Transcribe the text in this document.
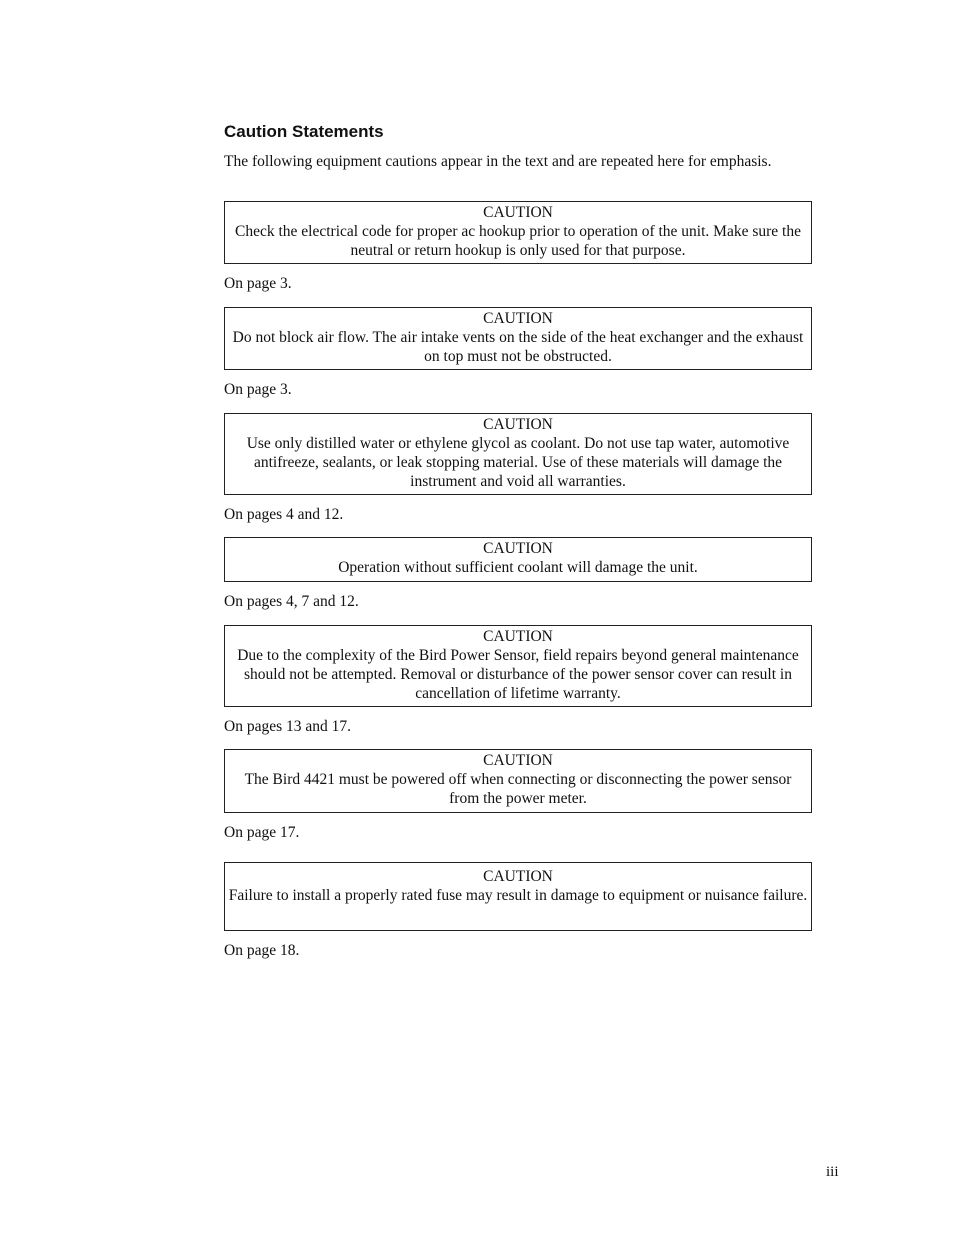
Caution Statements

The following equipment cautions appear in the text and are repeated here for emphasis.

CAUTION
Check the electrical code for proper ac hookup prior to operation of the unit. Make sure the neutral or return hookup is only used for that purpose.
On page 3.
CAUTION
Do not block air flow. The air intake vents on the side of the heat exchanger and the exhaust on top must not be obstructed.
On page 3.
CAUTION
Use only distilled water or ethylene glycol as coolant. Do not use tap water, automotive antifreeze, sealants, or leak stopping material. Use of these materials will damage the instrument and void all warranties.
On pages 4 and 12.
CAUTION
Operation without sufficient coolant will damage the unit.
On pages 4, 7 and 12.
CAUTION
Due to the complexity of the Bird Power Sensor, field repairs beyond general maintenance should not be attempted. Removal or disturbance of the power sensor cover can result in cancellation of lifetime warranty.
On pages 13 and 17.
CAUTION
The Bird 4421 must be powered off when connecting or disconnecting the power sensor from the power meter.
On page 17.
CAUTION
Failure to install a properly rated fuse may result in damage to equipment or nuisance failure.
On page 18.
iii
